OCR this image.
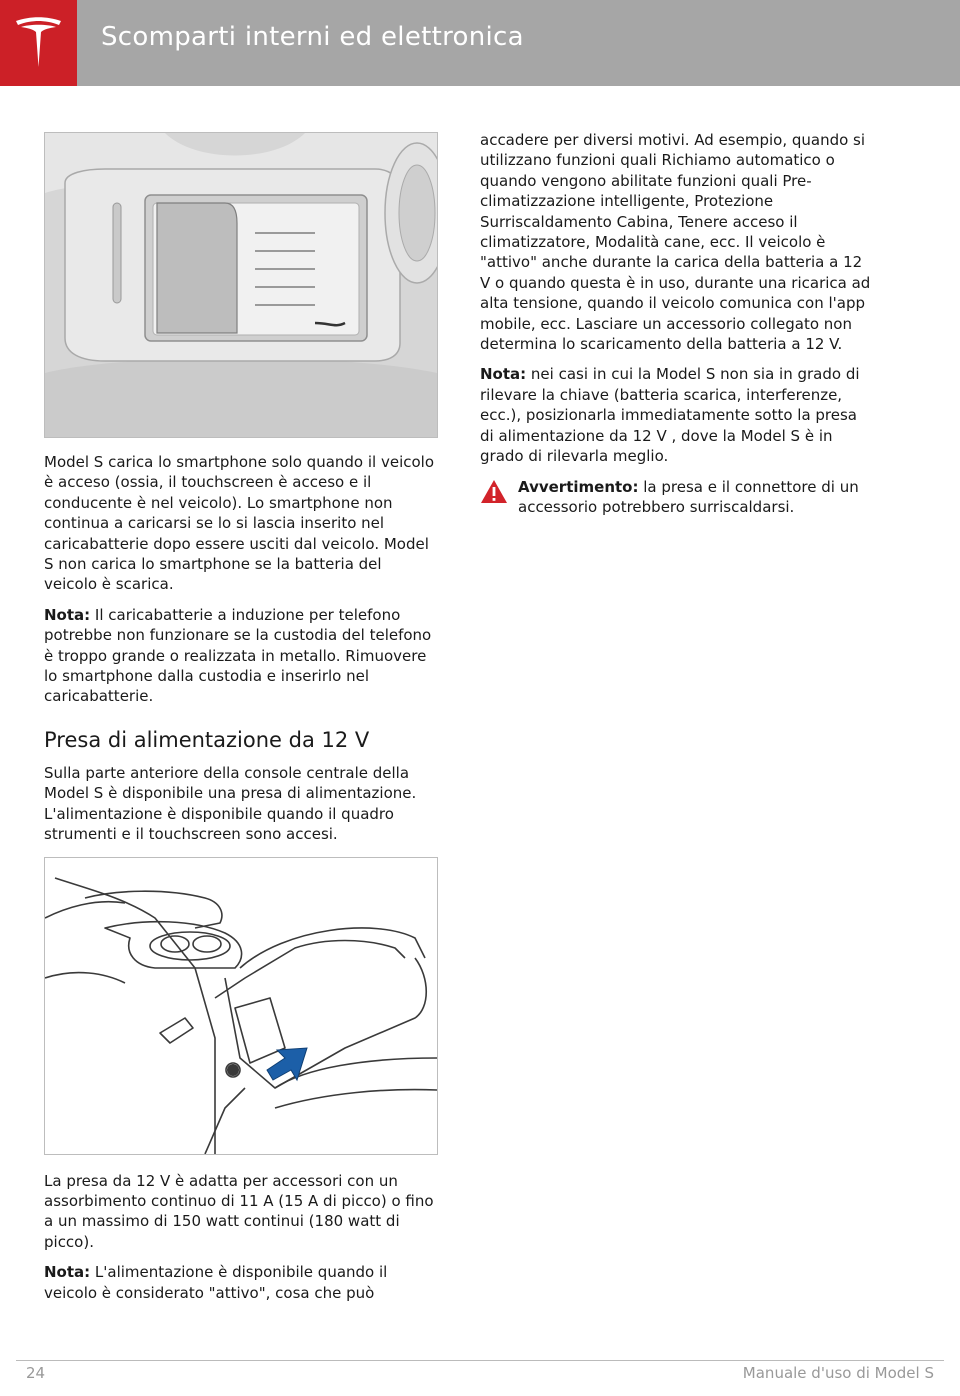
Scomparti interni ed elettronica

Model S carica lo smartphone solo quando il veicolo è acceso (ossia, il touchscreen è acceso e il conducente è nel veicolo). Lo smartphone non continua a caricarsi se lo si lascia inserito nel caricabatterie dopo essere usciti dal veicolo. Model S non carica lo smartphone se la batteria del veicolo è scarica.

Nota: Il caricabatterie a induzione per telefono potrebbe non funzionare se la custodia del telefono è troppo grande o realizzata in metallo. Rimuovere lo smartphone dalla custodia e inserirlo nel caricabatterie.

Presa di alimentazione da 12 V

Sulla parte anteriore della console centrale della Model S è disponibile una presa di alimentazione. L'alimentazione è disponibile quando il quadro strumenti e il touchscreen sono accesi.

La presa da 12 V è adatta per accessori con un assorbimento continuo di 11 A (15 A di picco) o fino a un massimo di 150 watt continui (180 watt di picco).

Nota: L'alimentazione è disponibile quando il veicolo è considerato "attivo", cosa che può

accadere per diversi motivi. Ad esempio, quando si utilizzano funzioni quali Richiamo automatico o quando vengono abilitate funzioni quali Pre-climatizzazione intelligente, Protezione Surriscaldamento Cabina, Tenere acceso il climatizzatore, Modalità cane, ecc. Il veicolo è "attivo" anche durante la carica della batteria a 12 V o quando questa è in uso, durante una ricarica ad alta tensione, quando il veicolo comunica con l'app mobile, ecc. Lasciare un accessorio collegato non determina lo scaricamento della batteria a 12 V.

Nota: nei casi in cui la Model S non sia in grado di rilevare la chiave (batteria scarica, interferenze, ecc.), posizionarla immediatamente sotto la presa di alimentazione da 12 V , dove la Model S è in grado di rilevarla meglio.

Avvertimento: la presa e il connettore di un accessorio potrebbero surriscaldarsi.

24	Manuale d'uso di Model S
